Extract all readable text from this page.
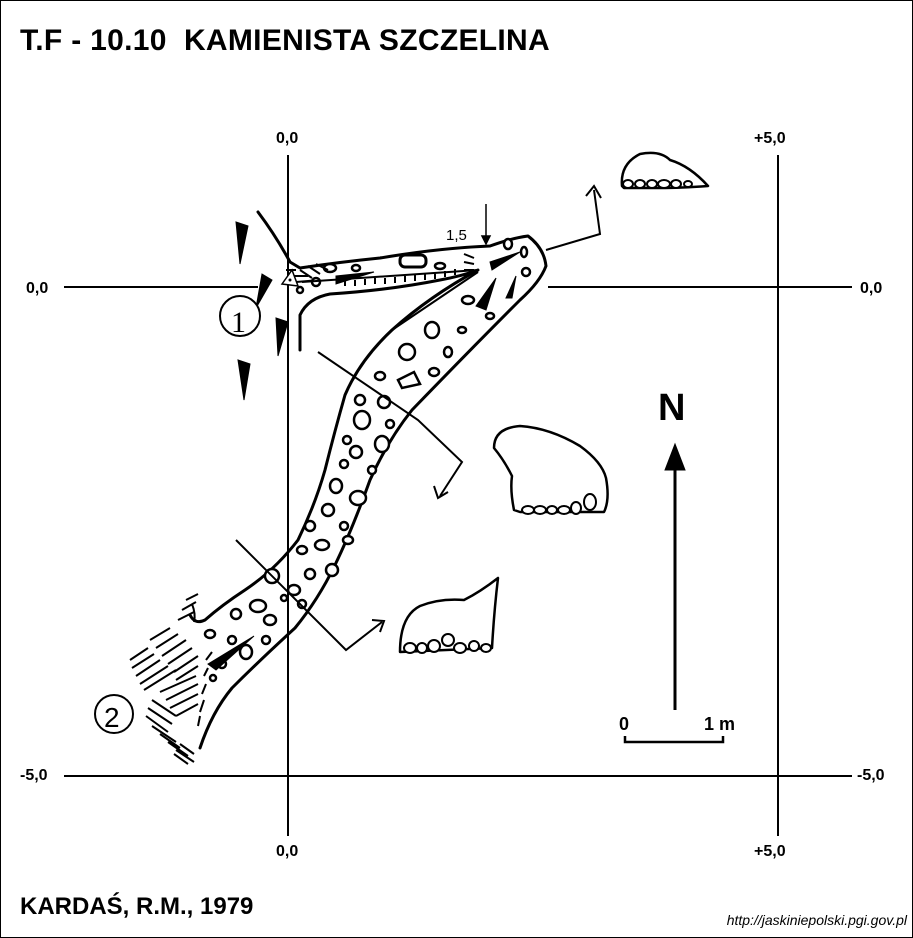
T.F - 10.10  KAMIENISTA SZCZELINA
0,0	+5,0
0,0	+5,0
0,0
-5,0
0,0
-5,0
1,5
1
2
N
0	1 m
KARDAŚ, R.M., 1979	http://jaskiniepolski.pgi.gov.pl
